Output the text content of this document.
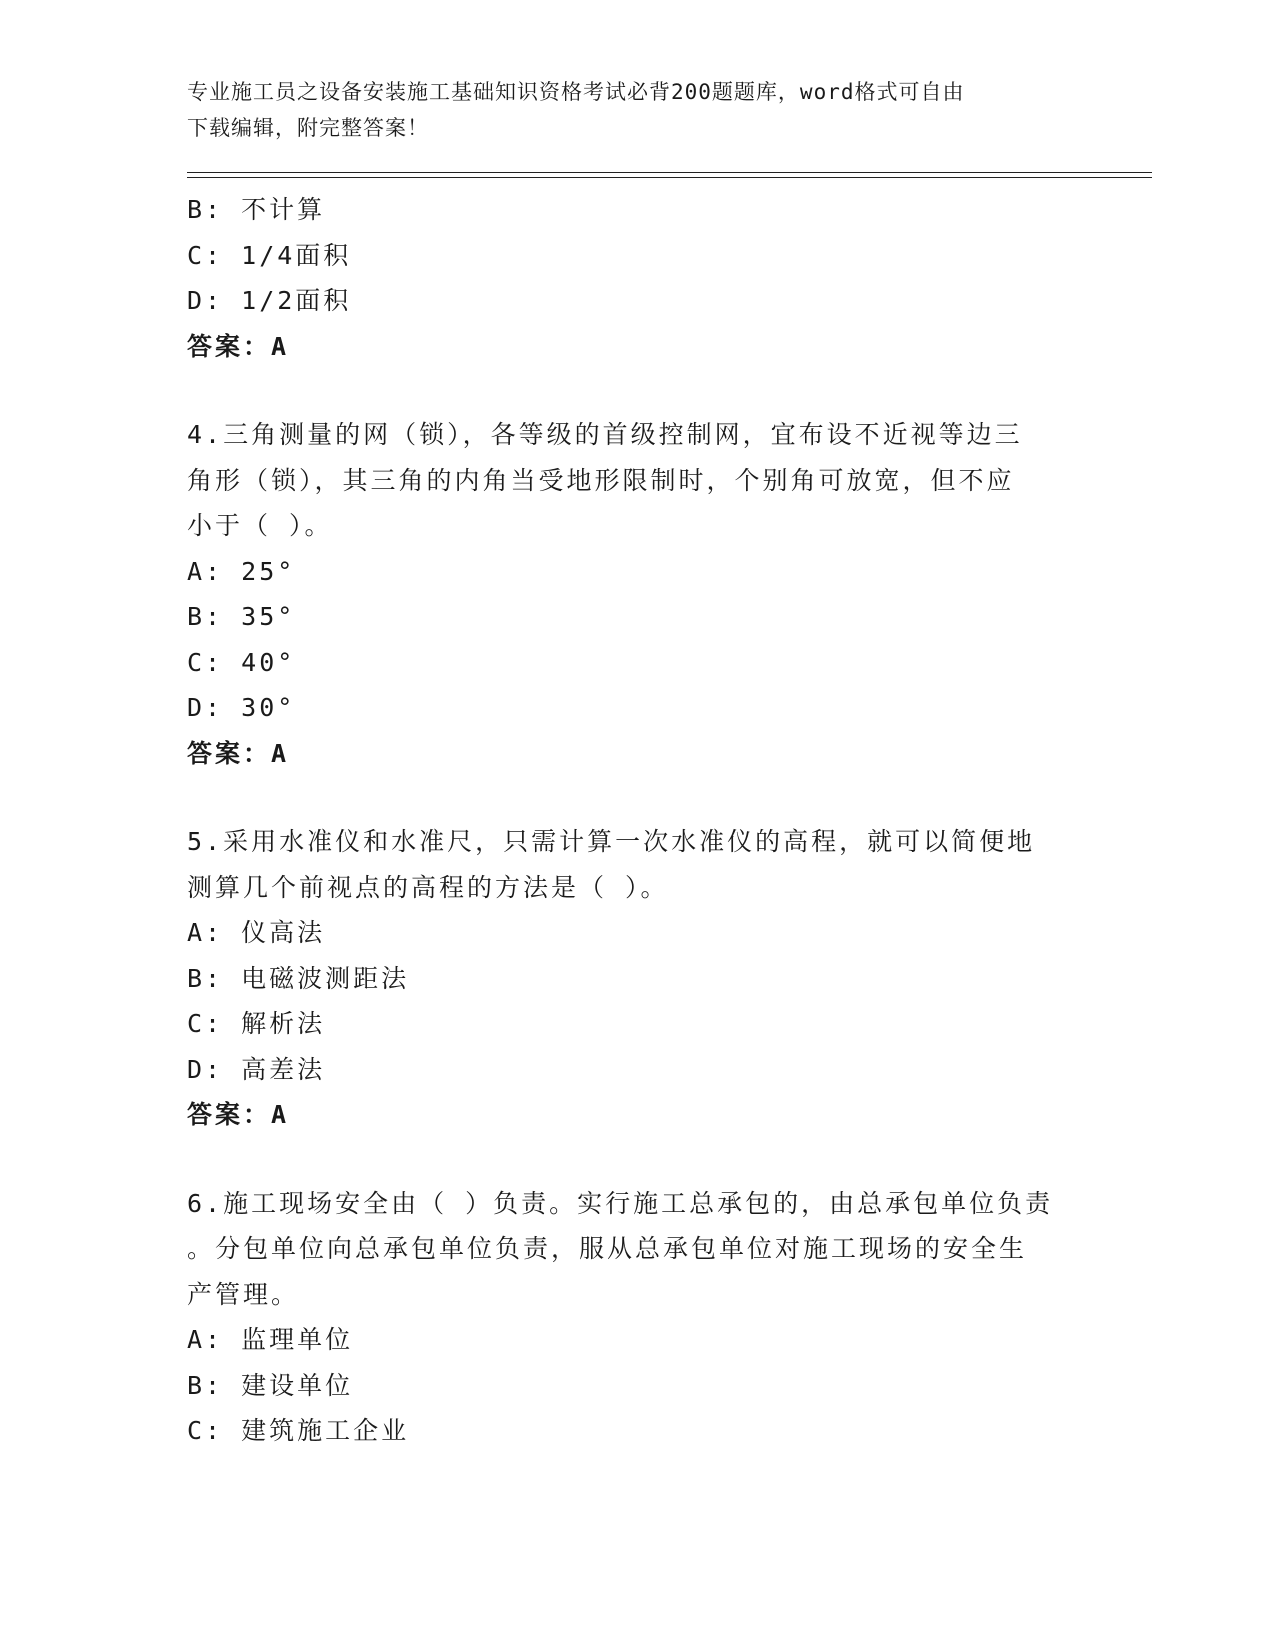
专业施工员之设备安装施工基础知识资格考试必背200题题库，word格式可自由
下载编辑，附完整答案！
B: 不计算
C: 1/4面积
D: 1/2面积
答案：A
4.三角测量的网（锁），各等级的首级控制网，宜布设不近视等边三
角形（锁），其三角的内角当受地形限制时，个别角可放宽，但不应
小于（ ）。
A: 25°
B: 35°
C: 40°
D: 30°
答案：A
5.采用水准仪和水准尺，只需计算一次水准仪的高程，就可以简便地
测算几个前视点的高程的方法是（ ）。
A: 仪高法
B: 电磁波测距法
C: 解析法
D: 高差法
答案：A
6.施工现场安全由（ ）负责。实行施工总承包的，由总承包单位负责
。分包单位向总承包单位负责，服从总承包单位对施工现场的安全生
产管理。
A: 监理单位
B: 建设单位
C: 建筑施工企业
